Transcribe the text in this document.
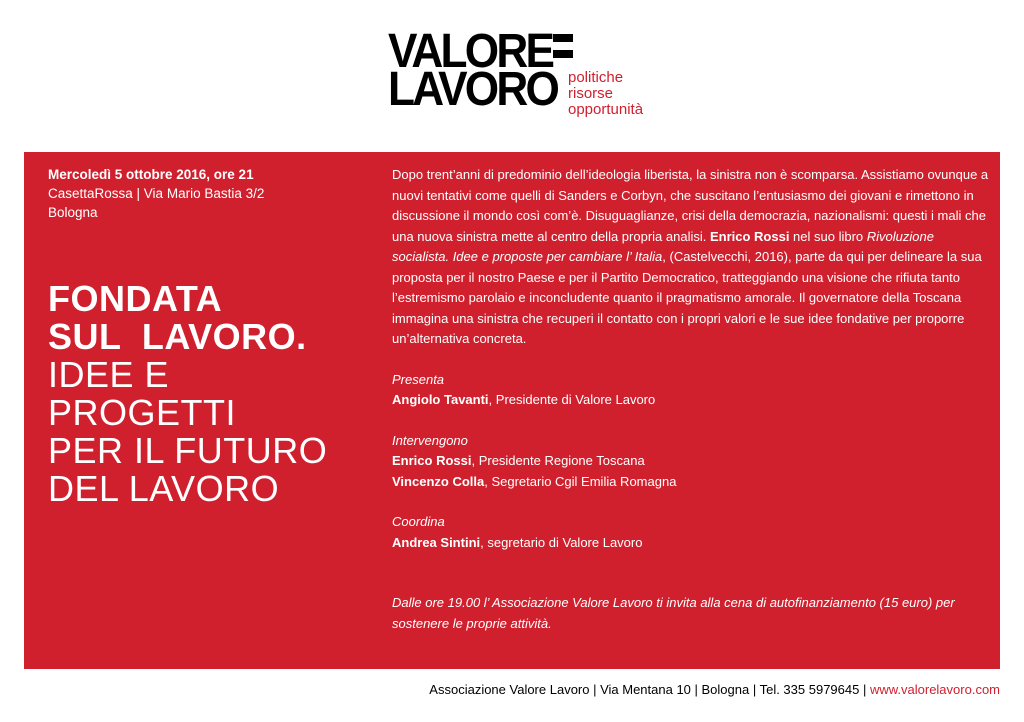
VALORE
LAVORO politiche
risorse
opportunità
Mercoledì 5 ottobre 2016, ore 21
CasettaRossa | Via Mario Bastia 3/2
Bologna
FONDATA
SUL  LAVORO.
IDEE E
PROGETTI
PER IL FUTURO
DEL LAVORO

Dopo trent’anni di predominio dell’ideologia liberista, la sinistra non è scomparsa. Assistiamo ovunque a nuovi tentativi come quelli di Sanders e Corbyn, che suscitano l’entusiasmo dei giovani e rimettono in discussione il mondo così com’è. Disuguaglianze, crisi della democrazia, nazionalismi: questi i mali che una nuova sinistra mette al centro della propria analisi. Enrico Rossi nel suo libro Rivoluzione socialista. Idee e proposte per cambiare l’ Italia, (Castelvecchi, 2016), parte da qui per delineare la sua proposta per il nostro Paese e per il Partito Democratico, tratteggiando una visione che rifiuta tanto l’estremismo parolaio e inconcludente quanto il pragmatismo amorale. Il governatore della Toscana immagina una sinistra che recuperi il contatto con i propri valori e le sue idee fondative per proporre un’alternativa concreta.

Presenta

Angiolo Tavanti, Presidente di Valore Lavoro

Intervengono

Enrico Rossi, Presidente Regione Toscana

Vincenzo Colla, Segretario Cgil Emilia Romagna

Coordina

Andrea Sintini, segretario di Valore Lavoro

Dalle ore 19.00 l’ Associazione Valore Lavoro ti invita alla cena di autofinanziamento (15 euro) per sostenere le proprie attività.

Associazione Valore Lavoro | Via Mentana 10 | Bologna | Tel. 335 5979645 | www.valorelavoro.com
